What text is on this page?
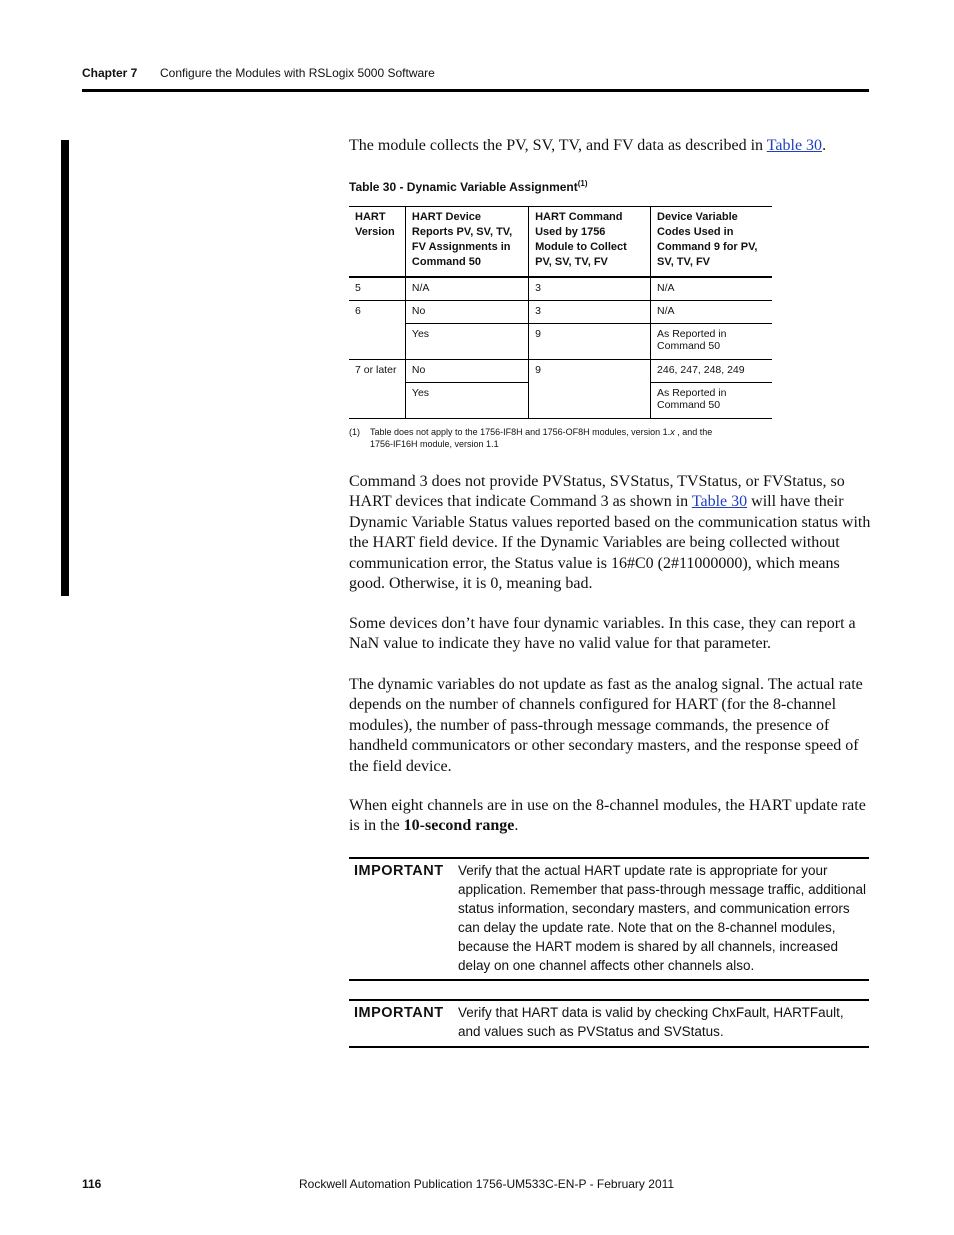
Chapter 7 Configure the Modules with RSLogix 5000 Software
The module collects the PV, SV, TV, and FV data as described in Table 30.
Table 30 - Dynamic Variable Assignment$^{(1)}$
HART Version	HART Device Reports PV, SV, TV, FV Assignments in Command 50	HART Command Used by 1756 Module to Collect PV, SV, TV, FV	Device Variable Codes Used in Command 9 for PV, SV, TV, FV
5	N/A	3	N/A
6	No	3	N/A
	Yes	9	As Reported in Command 50
7 or later	No	9	246, 247, 248, 249
	Yes		As Reported in Command 50
(1) Table does not apply to the 1756-IF8H and 1756-OF8H modules, version 1.x , and the 1756-IF16H module, version 1.1
Command 3 does not provide PVStatus, SVStatus, TVStatus, or FVStatus, so HART devices that indicate Command 3 as shown in Table 30 will have their Dynamic Variable Status values reported based on the communication status with the HART field device. If the Dynamic Variables are being collected without communication error, the Status value is 16#C0 (2#11000000), which means good. Otherwise, it is 0, meaning bad.
Some devices don’t have four dynamic variables. In this case, they can report a NaN value to indicate they have no valid value for that parameter.
The dynamic variables do not update as fast as the analog signal. The actual rate depends on the number of channels configured for HART (for the 8-channel modules), the number of pass-through message commands, the presence of handheld communicators or other secondary masters, and the response speed of the field device.
When eight channels are in use on the 8-channel modules, the HART update rate is in the 10-second range.
IMPORTANT Verify that the actual HART update rate is appropriate for your application. Remember that pass-through message traffic, additional status information, secondary masters, and communication errors can delay the update rate. Note that on the 8-channel modules, because the HART modem is shared by all channels, increased delay on one channel affects other channels also.
IMPORTANT Verify that HART data is valid by checking ChxFault, HARTFault, and values such as PVStatus and SVStatus.
116	Rockwell Automation Publication 1756-UM533C-EN-P - February 2011
